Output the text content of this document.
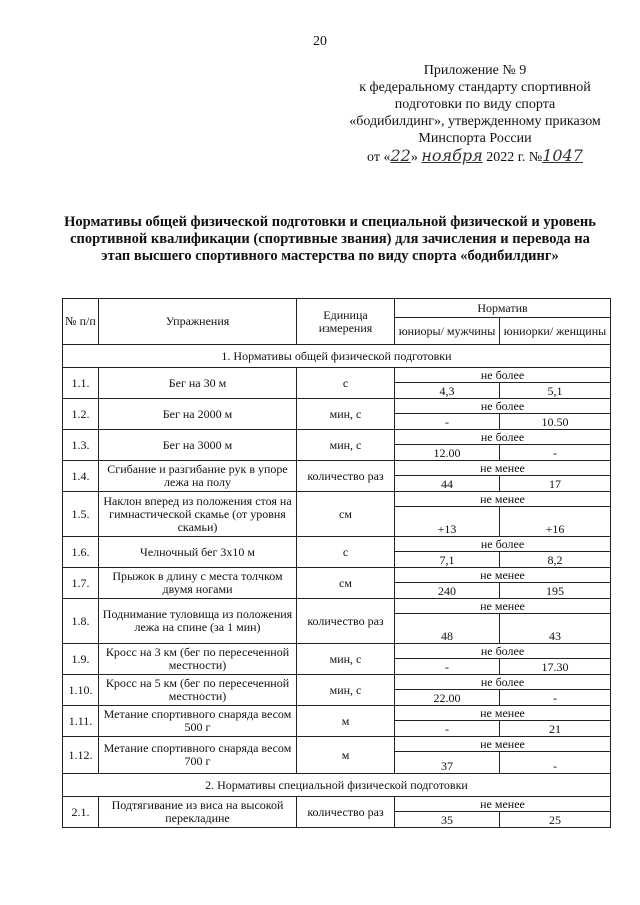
20
Приложение № 9
к федеральному стандарту спортивной
подготовки по виду спорта
«бодибилдинг», утвержденному приказом
Минспорта России
от «22» ноября 2022 г. №1047
Нормативы общей физической подготовки и специальной физической и уровень спортивной квалификации (спортивные звания) для зачисления и перевода на этап высшего спортивного мастерства по виду спорта «бодибилдинг»
№ п/п	Упражнения	Единица измерения	Норматив	
			юниоры/ мужчины	юниорки/ женщины
1. Нормативы общей физической подготовки				
1.1.	Бег на 30 м	с	не более	
			4,3	5,1
1.2.	Бег на 2000 м	мин, с	не более	
			-	10.50
1.3.	Бег на 3000 м	мин, с	не более	
			12.00	-
1.4.	Сгибание и разгибание рук в упоре лежа на полу	количество раз	не менее	
			44	17
1.5.	Наклон вперед из положения стоя на гимнастической скамье (от уровня скамьи)	см	не менее	
			+13	+16
1.6.	Челночный бег 3х10 м	с	не более	
			7,1	8,2
1.7.	Прыжок в длину с места толчком двумя ногами	см	не менее	
			240	195
1.8.	Поднимание туловища из положения лежа на спине (за 1 мин)	количество раз	не менее	
			48	43
1.9.	Кросс на 3 км (бег по пересеченной местности)	мин, с	не более	
			-	17.30
1.10.	Кросс на 5 км (бег по пересеченной местности)	мин, с	не более	
			22.00	-
1.11.	Метание спортивного снаряда весом 500 г	м	не менее	
			-	21
1.12.	Метание спортивного снаряда весом 700 г	м	не менее	
			37	-
2. Нормативы специальной физической подготовки				
2.1.	Подтягивание из виса на высокой перекладине	количество раз	не менее	
			35	25
